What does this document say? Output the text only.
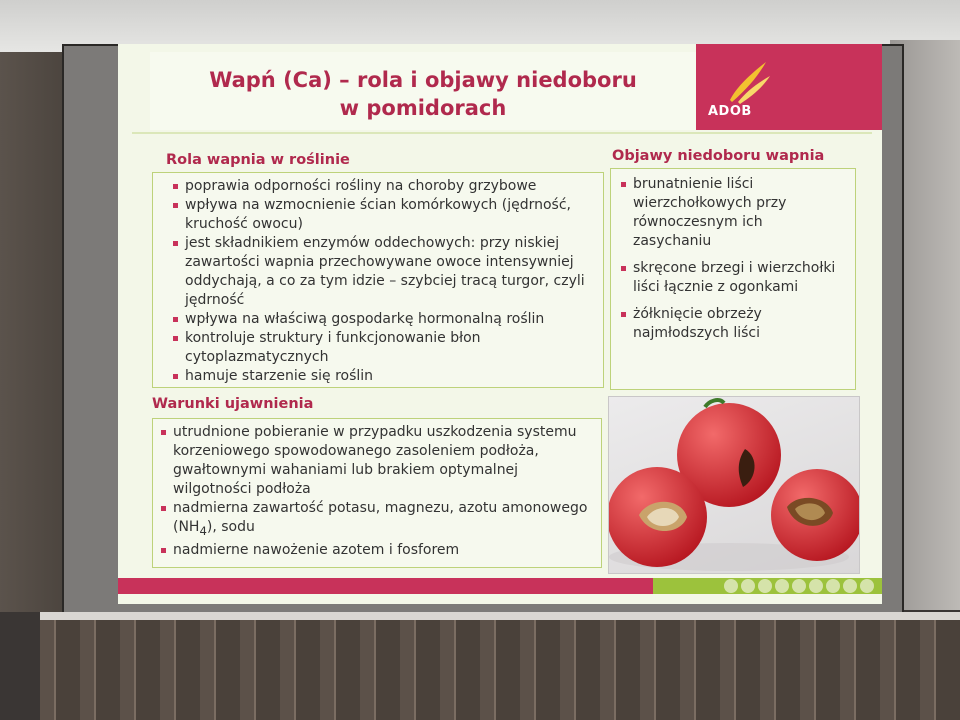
Wapń (Ca) – rola i objawy niedoboru
w pomidorach	ADOB
Rola wapnia w roślinie
poprawia odporności rośliny na choroby grzybowe
wpływa na wzmocnienie ścian komórkowych (jędrność, kruchość owocu)
jest składnikiem enzymów oddechowych: przy niskiej zawartości wapnia przechowywane owoce intensywniej oddychają, a co za tym idzie – szybciej tracą turgor, czyli jędrność
wpływa na właściwą gospodarkę hormonalną roślin
kontroluje struktury i funkcjonowanie błon cytoplazmatycznych
hamuje starzenie się roślin
Objawy niedoboru wapnia
brunatnienie liści wierzchołkowych przy równoczesnym ich zasychaniu
skręcone brzegi i wierzchołki liści łącznie z ogonkami
żółknięcie obrzeży najmłodszych liści
Warunki ujawnienia
utrudnione pobieranie w przypadku uszkodzenia systemu korzeniowego spowodowanego zasoleniem podłoża, gwałtownymi wahaniami lub brakiem optymalnej wilgotności podłoża
nadmierna zawartość potasu, magnezu, azotu amonowego $(NH_4)$, sodu
nadmierne nawożenie azotem i fosforem
